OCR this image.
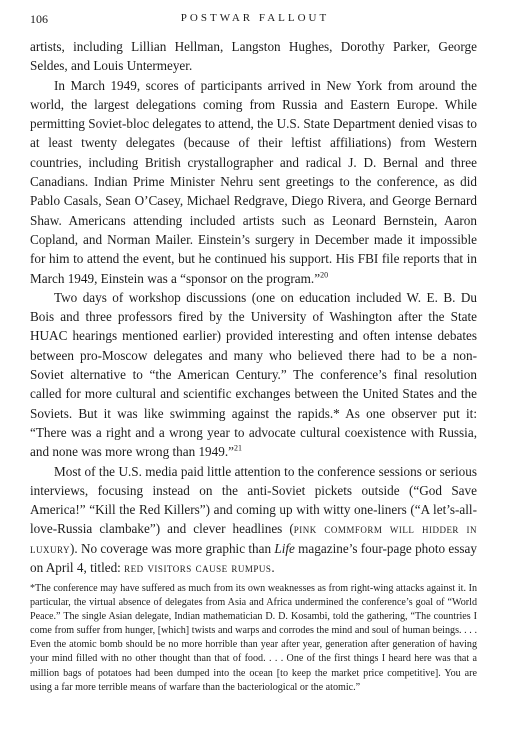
106	POSTWAR FALLOUT

artists, including Lillian Hellman, Langston Hughes, Dorothy Parker, George Seldes, and Louis Untermeyer.

In March 1949, scores of participants arrived in New York from around the world, the largest delegations coming from Russia and Eastern Europe. While permitting Soviet-bloc delegates to attend, the U.S. State Department denied visas to at least twenty delegates (because of their leftist affiliations) from Western countries, including British crystallographer and radical J. D. Bernal and three Canadians. Indian Prime Minister Nehru sent greetings to the conference, as did Pablo Casals, Sean O’Casey, Michael Redgrave, Diego Rivera, and George Bernard Shaw. Americans attending included artists such as Leonard Bernstein, Aaron Copland, and Norman Mailer. Einstein’s surgery in December made it impossible for him to attend the event, but he continued his support. His FBI file reports that in March 1949, Einstein was a “sponsor on the program.”$^{20}$

Two days of workshop discussions (one on education included W. E. B. Du Bois and three professors fired by the University of Washington after the State HUAC hearings mentioned earlier) provided interesting and often intense debates between pro-Moscow delegates and many who believed there had to be a non-Soviet alternative to “the American Century.” The conference’s final resolution called for more cultural and scientific exchanges between the United States and the Soviets. But it was like swimming against the rapids.* As one observer put it: “There was a right and a wrong year to advocate cultural coexistence with Russia, and none was more wrong than 1949.”$^{21}$

Most of the U.S. media paid little attention to the conference sessions or serious interviews, focusing instead on the anti-Soviet pickets outside (“God Save America!” “Kill the Red Killers”) and coming up with witty one-liners (“A let’s-all-love-Russia clambake”) and clever headlines (pink commform will hidder in luxury). No coverage was more graphic than Life magazine’s four-page photo essay on April 4, titled: red visitors cause rumpus.

*The conference may have suffered as much from its own weaknesses as from right-wing attacks against it. In particular, the virtual absence of delegates from Asia and Africa undermined the conference’s goal of “World Peace.” The single Asian delegate, Indian mathematician D. D. Kosambi, told the gathering, “The countries I come from suffer from hunger, [which] twists and warps and corrodes the mind and soul of human beings. . . . Even the atomic bomb should be no more horrible than year after year, generation after generation of having your mind filled with no other thought than that of food. . . . One of the first things I heard here was that a million bags of potatoes had been dumped into the ocean [to keep the market price competitive]. You are using a far more terrible means of warfare than the bacteriological or the atomic.”
